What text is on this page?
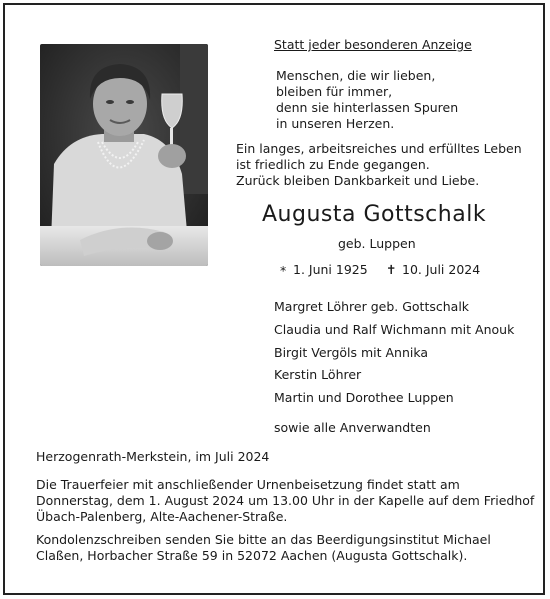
Statt jeder besonderen Anzeige

Menschen, die wir lieben,

bleiben für immer,

denn sie hinterlassen Spuren

in unseren Herzen.

Ein langes, arbeitsreiches und erfülltes Leben

ist friedlich zu Ende gegangen.

Zurück bleiben Dankbarkeit und Liebe.

Augusta Gottschalk

geb. Luppen

* 1. Juni 1925 ✝ 10. Juli 2024
Margret Löhrer geb. Gottschalk
Claudia und Ralf Wichmann mit Anouk
Birgit Vergöls mit Annika
Kerstin Löhrer
Martin und Dorothee Luppen

sowie alle Anverwandten

Herzogenrath-Merkstein, im Juli 2024

Die Trauerfeier mit anschließender Urnenbeisetzung findet statt am

Donnerstag, dem 1. August 2024 um 13.00 Uhr in der Kapelle auf dem Friedhof

Übach-Palenberg, Alte-Aachener-Straße.

Kondolenzschreiben senden Sie bitte an das Beerdigungsinstitut Michael

Claßen, Horbacher Straße 59 in 52072 Aachen (Augusta Gottschalk).
